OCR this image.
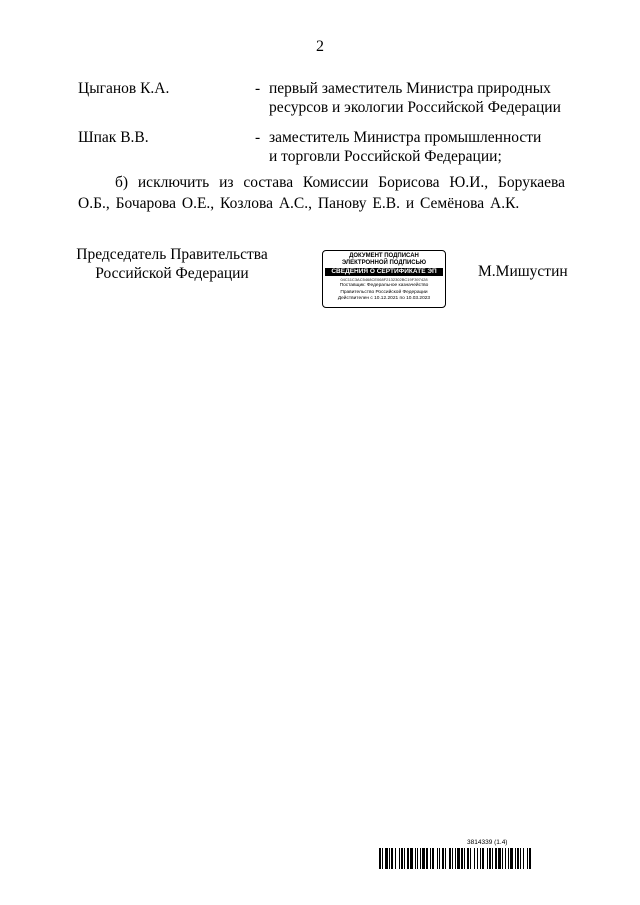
2
Цыганов К.А.	- первый заместитель Министра природных
ресурсов и экологии Российской Федерации
Шпак В.В.	- заместитель Министра промышленности
и торговли Российской Федерации;

б) исключить из состава Комиссии Борисова Ю.И., Борукаева О.Б., Бочарова О.Е., Козлова А.С., Панову Е.В. и Семёнова А.К.

Председатель Правительства
Российской Федерации
ДОКУМЕНТ ПОДПИСАН
ЭЛЕКТРОННОЙ ПОДПИСЬЮ
СВЕДЕНИЯ О СЕРТИФИКАТЕ ЭП
04C11C3AC5468CE068F2132302BC19F397428
Поставщик: Федеральное казначейство
Правительство Российской Федерации
Действителен с 10.12.2021 по 10.03.2023
М.Мишустин
3814339 (1.4)
